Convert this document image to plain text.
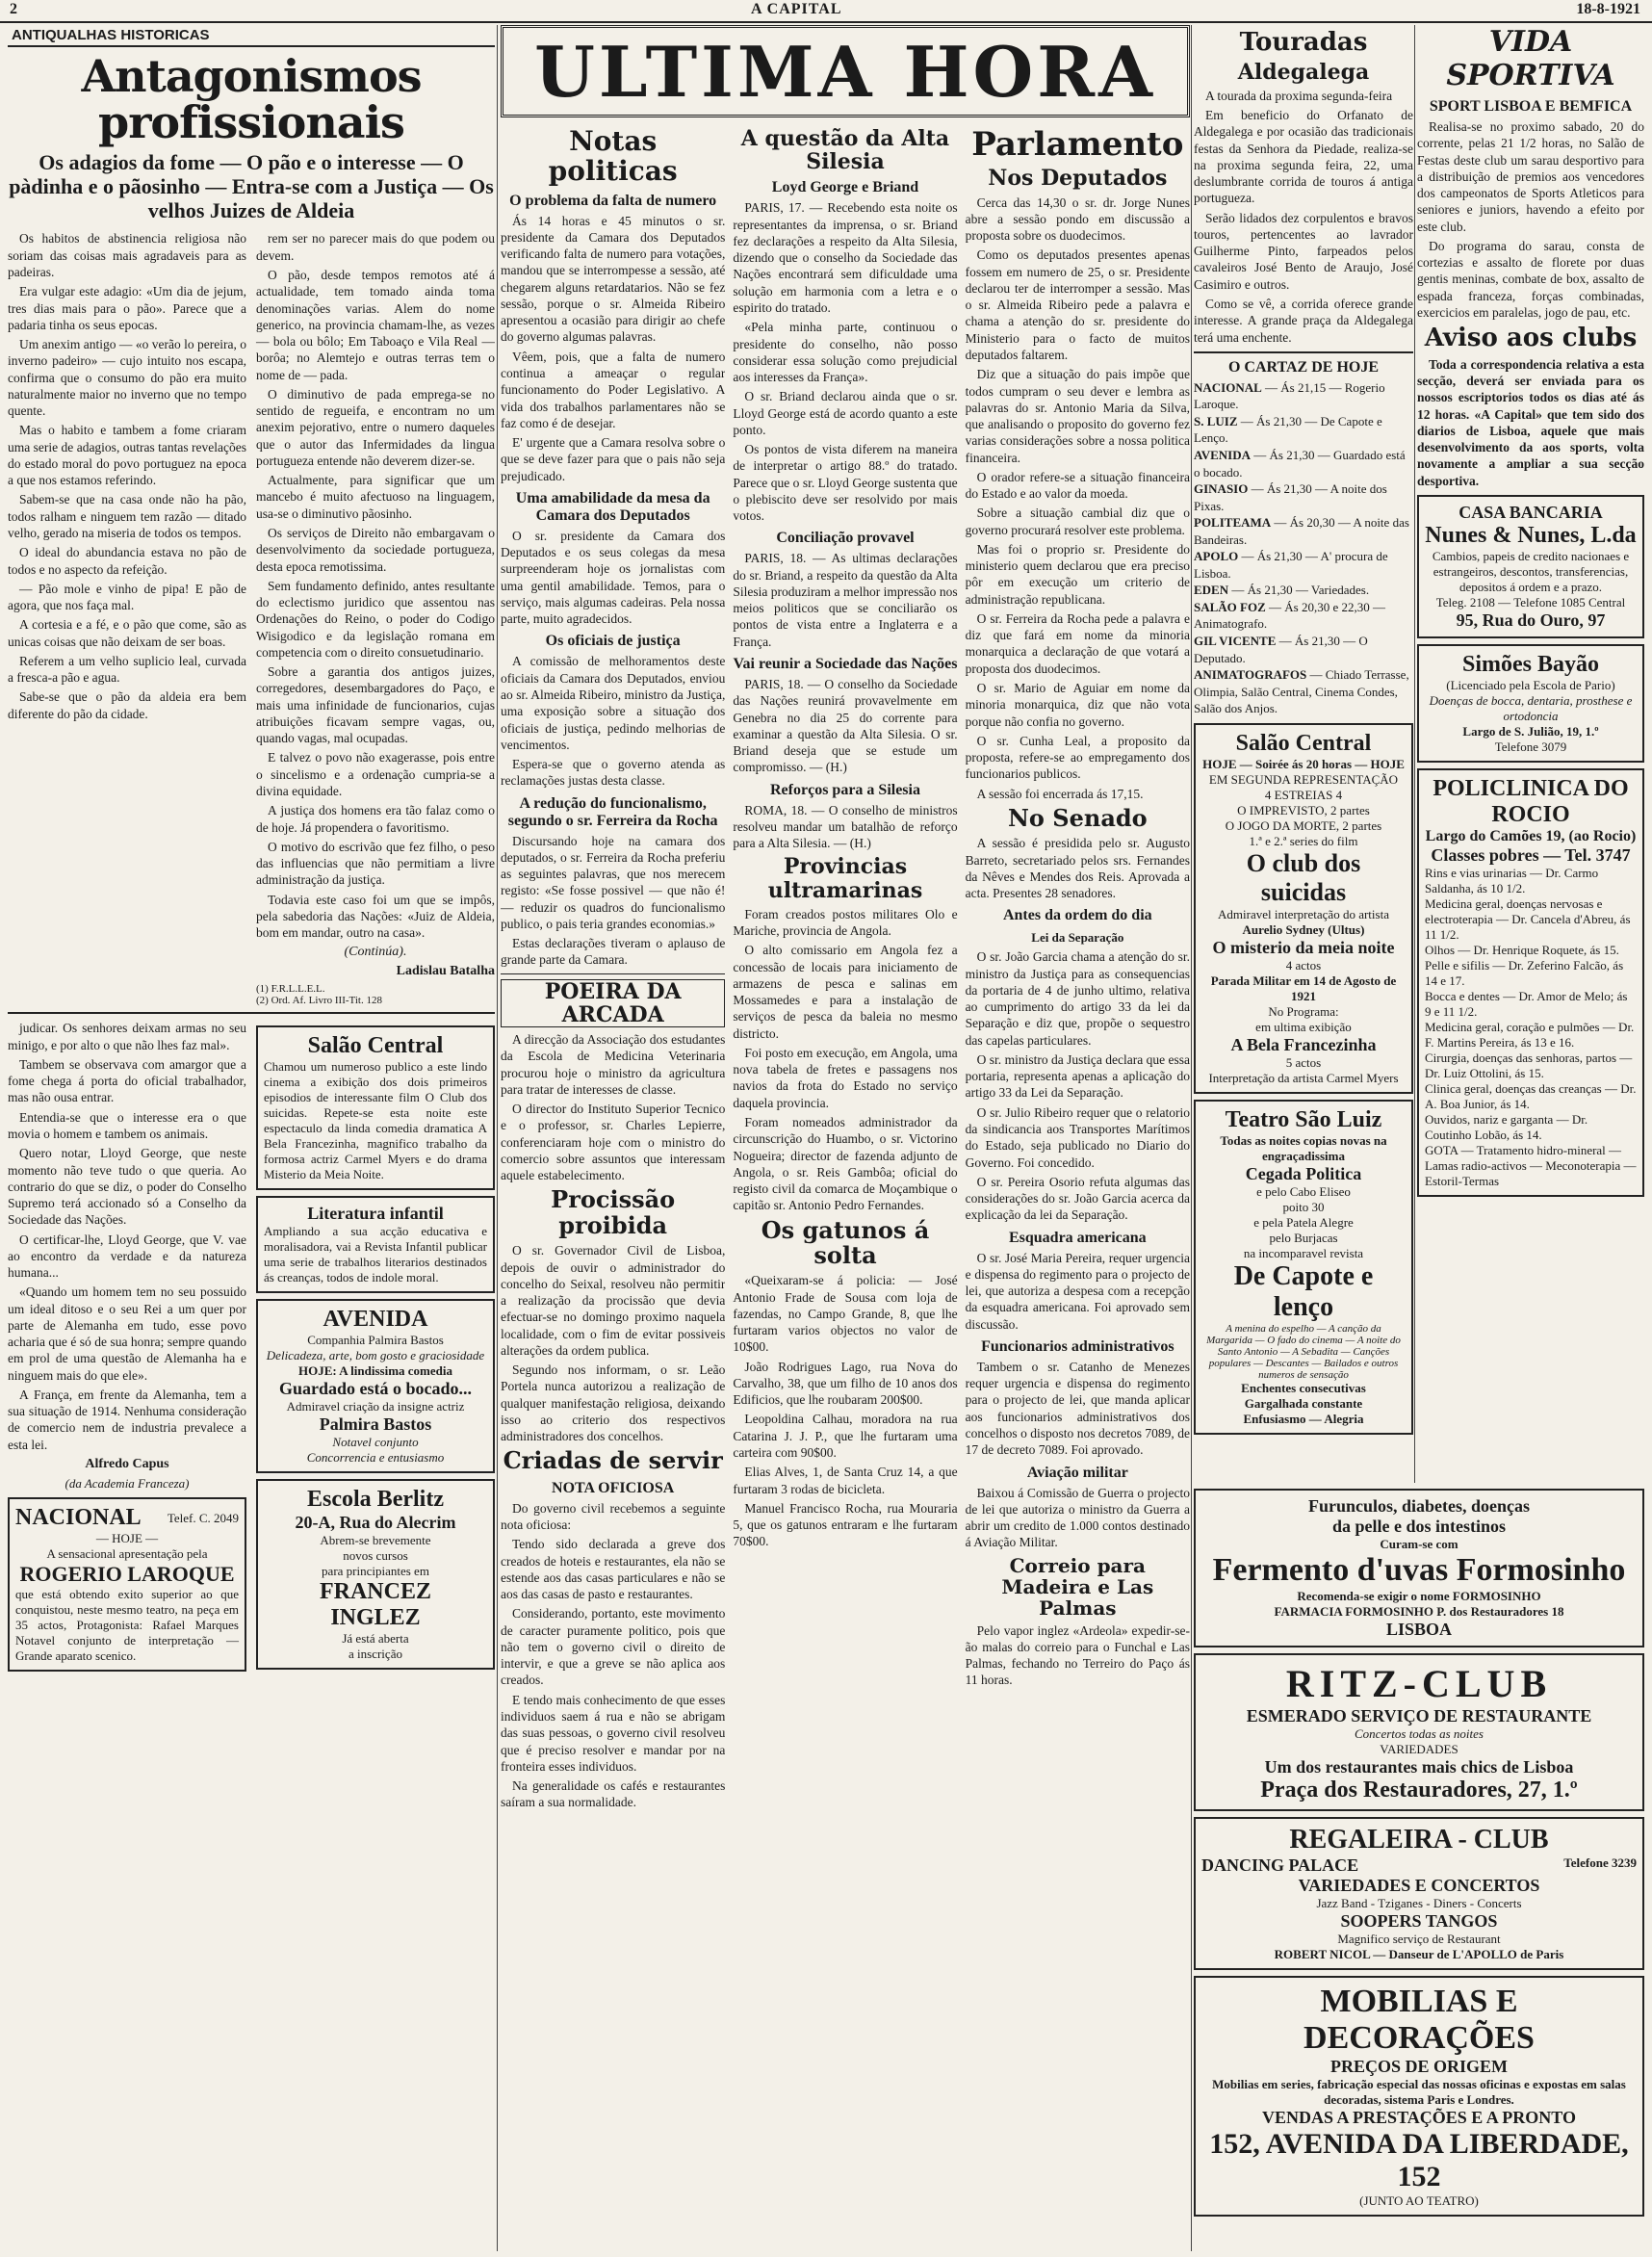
2	A CAPITAL	18-8-1921
ANTIQUALHAS HISTORICAS
Antagonismos profissionais
Os adagios da fome — O pão e o interesse — O pàdinha e o pãosinho — Entra-se com a Justiça — Os velhos Juizes de Aldeia

Os habitos de abstinencia religiosa não soriam das coisas mais agradaveis para as padeiras.

Era vulgar este adagio: «Um dia de jejum, tres dias mais para o pão». Parece que a padaria tinha os seus epocas.

Um anexim antigo — «o verão lo pereira, o inverno padeiro» — cujo intuito nos escapa, confirma que o consumo do pão era muito naturalmente maior no inverno que no tempo quente.

Mas o habito e tambem a fome criaram uma serie de adagios, outras tantas revelações do estado moral do povo portuguez na epoca a que nos estamos referindo.

Sabem-se que na casa onde não ha pão, todos ralham e ninguem tem razão — ditado velho, gerado na miseria de todos os tempos.

O ideal do abundancia estava no pão de todos e no aspecto da refeição.

— Pão mole e vinho de pipa! E pão de agora, que nos faça mal.

A cortesia e a fé, e o pão que come, são as unicas coisas que não deixam de ser boas.

Referem a um velho suplicio leal, curvada a fresca-a pão e agua.

Sabe-se que o pão da aldeia era bem diferente do pão da cidade.

rem ser no parecer mais do que podem ou devem.

O pão, desde tempos remotos até á actualidade, tem tomado ainda toma denominações varias. Alem do nome generico, na provincia chamam-lhe, as vezes — bola ou bôlo; Em Taboaço e Vila Real — borôa; no Alemtejo e outras terras tem o nome de — pada.

O diminutivo de pada emprega-se no sentido de regueifa, e encontram no um anexim pejorativo, entre o numero daqueles que o autor das Infermidades da lingua portugueza entende não deverem dizer-se.

Actualmente, para significar que um mancebo é muito afectuoso na linguagem, usa-se o diminutivo pãosinho.

Os serviços de Direito não embargavam o desenvolvimento da sociedade portugueza, desta epoca remotissima.

Sem fundamento definido, antes resultante do eclectismo juridico que assentou nas Ordenações do Reino, o poder do Codigo Wisigodico e da legislação romana em competencia com o direito consuetudinario.

Sobre a garantia dos antigos juizes, corregedores, desembargadores do Paço, e mais uma infinidade de funcionarios, cujas atribuições ficavam sempre vagas, ou, quando vagas, mal ocupadas.

E talvez o povo não exagerasse, pois entre o sincelismo e a ordenação cumpria-se a divina equidade.

A justiça dos homens era tão falaz como o de hoje. Já propendera o favoritismo.

O motivo do escrivão que fez filho, o peso das influencias que não permitiam a livre administração da justiça.

Todavia este caso foi um que se impôs, pela sabedoria das Nações: «Juiz de Aldeia, bom em mandar, outro na casa».

(Continúa).
Ladislau Batalha
(1) F.R.L.L.E.L.
(2) Ord. Af. Livro III-Tit. 128

judicar. Os senhores deixam armas no seu minigo, e por alto o que não lhes faz mal».

Tambem se observava com amargor que a fome chega á porta do oficial trabalhador, mas não ousa entrar.

Entendia-se que o interesse era o que movia o homem e tambem os animais.

Quero notar, Lloyd George, que neste momento não teve tudo o que queria. Ao contrario do que se diz, o poder do Conselho Supremo terá accionado só a Conselho da Sociedade das Nações.

O certificar-lhe, Lloyd George, que V. vae ao encontro da verdade e da natureza humana...

«Quando um homem tem no seu possuido um ideal ditoso e o seu Rei a um quer por parte de Alemanha em tudo, esse povo acharia que é só de sua honra; sempre quando em prol de uma questão de Alemanha ha e ninguem mais do que ele».

A França, em frente da Alemanha, tem a sua situação de 1914. Nenhuma consideração de comercio nem de industria prevalece a esta lei.

Alfredo Capus
(da Academia Franceza)
NACIONAL Telef. C. 2049
— HOJE —
A sensacional apresentação pela
ROGERIO LAROQUE
que está obtendo exito superior ao que conquistou, neste mesmo teatro, na peça em 35 actos, Protagonista: Rafael Marques Notavel conjunto de interpretação — Grande aparato scenico.
Salão Central
Chamou um numeroso publico a este lindo cinema a exibição dos dois primeiros episodios de interessante film O Club dos suicidas. Repete-se esta noite este espectaculo da linda comedia dramatica A Bela Francezinha, magnifico trabalho da formosa actriz Carmel Myers e do drama Misterio da Meia Noite.
Literatura infantil
Ampliando a sua acção educativa e moralisadora, vai a Revista Infantil publicar uma serie de trabalhos literarios destinados ás creanças, todos de indole moral.
AVENIDA
Companhia Palmira Bastos
Delicadeza, arte, bom gosto e graciosidade
HOJE: A lindissima comedia
Guardado está o bocado...
Admiravel criação da insigne actriz
Palmira Bastos
Notavel conjunto
Concorrencia e entusiasmo
Escola Berlitz
20-A, Rua do Alecrim
Abrem-se brevemente
novos cursos
para principiantes em
FRANCEZ
INGLEZ
Já está aberta
a inscrição
ULTIMA HORA
Notas politicas
O problema da falta de numero

Ás 14 horas e 45 minutos o sr. presidente da Camara dos Deputados verificando falta de numero para votações, mandou que se interrompesse a sessão, até chegarem alguns retardatarios. Não se fez sessão, porque o sr. Almeida Ribeiro apresentou a ocasião para dirigir ao chefe do governo algumas palavras.

Vêem, pois, que a falta de numero continua a ameaçar o regular funcionamento do Poder Legislativo. A vida dos trabalhos parlamentares não se faz como é de desejar.

E' urgente que a Camara resolva sobre o que se deve fazer para que o pais não seja prejudicado.

Uma amabilidade da mesa da Camara dos Deputados

O sr. presidente da Camara dos Deputados e os seus colegas da mesa surpreenderam hoje os jornalistas com uma gentil amabilidade. Temos, para o serviço, mais algumas cadeiras. Pela nossa parte, muito agradecidos.

Os oficiais de justiça

A comissão de melhoramentos deste oficiais da Camara dos Deputados, enviou ao sr. Almeida Ribeiro, ministro da Justiça, uma exposição sobre a situação dos oficiais de justiça, pedindo melhorias de vencimentos.

Espera-se que o governo atenda as reclamações justas desta classe.

A redução do funcionalismo, segundo o sr. Ferreira da Rocha

Discursando hoje na camara dos deputados, o sr. Ferreira da Rocha preferiu as seguintes palavras, que nos merecem registo: «Se fosse possivel — que não é! — reduzir os quadros do funcionalismo publico, o pais teria grandes economias.»

Estas declarações tiveram o aplauso de grande parte da Camara.

POEIRA DA ARCADA

A direcção da Associação dos estudantes da Escola de Medicina Veterinaria procurou hoje o ministro da agricultura para tratar de interesses de classe.

O director do Instituto Superior Tecnico e o professor, sr. Charles Lepierre, conferenciaram hoje com o ministro do comercio sobre assuntos que interessam aquele estabelecimento.

Procissão proibida

O sr. Governador Civil de Lisboa, depois de ouvir o administrador do concelho do Seixal, resolveu não permitir a realização da procissão que devia efectuar-se no domingo proximo naquela localidade, com o fim de evitar possiveis alterações da ordem publica.

Segundo nos informam, o sr. Leão Portela nunca autorizou a realização de qualquer manifestação religiosa, deixando isso ao criterio dos respectivos administradores dos concelhos.

Criadas de servir
NOTA OFICIOSA

Do governo civil recebemos a seguinte nota oficiosa:

Tendo sido declarada a greve dos creados de hoteis e restaurantes, ela não se estende aos das casas particulares e não se aos das casas de pasto e restaurantes.

Considerando, portanto, este movimento de caracter puramente politico, pois que não tem o governo civil o direito de intervir, e que a greve se não aplica aos creados.

E tendo mais conhecimento de que esses individuos saem á rua e não se abrigam das suas pessoas, o governo civil resolveu que é preciso resolver e mandar por na fronteira esses individuos.

Na generalidade os cafés e restaurantes saíram a sua normalidade.

A questão da Alta Silesia
Loyd George e Briand

PARIS, 17. — Recebendo esta noite os representantes da imprensa, o sr. Briand fez declarações a respeito da Alta Silesia, dizendo que o conselho da Sociedade das Nações encontrará sem dificuldade uma solução em harmonia com a letra e o espirito do tratado.

«Pela minha parte, continuou o presidente do conselho, não posso considerar essa solução como prejudicial aos interesses da França».

O sr. Briand declarou ainda que o sr. Lloyd George está de acordo quanto a este ponto.

Os pontos de vista diferem na maneira de interpretar o artigo 88.º do tratado. Parece que o sr. Lloyd George sustenta que o plebiscito deve ser resolvido por mais votos.

Conciliação provavel

PARIS, 18. — As ultimas declarações do sr. Briand, a respeito da questão da Alta Silesia produziram a melhor impressão nos meios politicos que se conciliarão os pontos de vista entre a Inglaterra e a França.

Vai reunir a Sociedade das Nações

PARIS, 18. — O conselho da Sociedade das Nações reunirá provavelmente em Genebra no dia 25 do corrente para examinar a questão da Alta Silesia. O sr. Briand deseja que se estude um compromisso. — (H.)

Reforços para a Silesia

ROMA, 18. — O conselho de ministros resolveu mandar um batalhão de reforço para a Alta Silesia. — (H.)

Provincias ultramarinas

Foram creados postos militares Olo e Mariche, provincia de Angola.

O alto comissario em Angola fez a concessão de locais para iniciamento de armazens de pesca e salinas em Mossamedes e para a instalação de serviços de pesca da baleia no mesmo districto.

Foi posto em execução, em Angola, uma nova tabela de fretes e passagens nos navios da frota do Estado no serviço daquela provincia.

Foram nomeados administrador da circunscrição do Huambo, o sr. Victorino Nogueira; director de fazenda adjunto de Angola, o sr. Reis Gambôa; oficial do registo civil da comarca de Moçambique o capitão sr. Antonio Pedro Fernandes.

Os gatunos á solta

«Queixaram-se á policia: — José Antonio Frade de Sousa com loja de fazendas, no Campo Grande, 8, que lhe furtaram varios objectos no valor de 10$00.

João Rodrigues Lago, rua Nova do Carvalho, 38, que um filho de 10 anos dos Edificios, que lhe roubaram 200$00.

Leopoldina Calhau, moradora na rua Catarina J. J. P., que lhe furtaram uma carteira com 90$00.

Elias Alves, 1, de Santa Cruz 14, a que furtaram 3 rodas de bicicleta.

Manuel Francisco Rocha, rua Mouraria 5, que os gatunos entraram e lhe furtaram 70$00.

Parlamento
Nos Deputados

Cerca das 14,30 o sr. dr. Jorge Nunes abre a sessão pondo em discussão a proposta sobre os duodecimos.

Como os deputados presentes apenas fossem em numero de 25, o sr. Presidente declarou ter de interromper a sessão. Mas o sr. Almeida Ribeiro pede a palavra e chama a atenção do sr. presidente do Ministerio para o facto de muitos deputados faltarem.

Diz que a situação do pais impõe que todos cumpram o seu dever e lembra as palavras do sr. Antonio Maria da Silva, que analisando o proposito do governo fez varias considerações sobre a nossa politica financeira.

O orador refere-se a situação financeira do Estado e ao valor da moeda.

Sobre a situação cambial diz que o governo procurará resolver este problema.

Mas foi o proprio sr. Presidente do ministerio quem declarou que era preciso pôr em execução um criterio de administração republicana.

O sr. Ferreira da Rocha pede a palavra e diz que fará em nome da minoria monarquica a declaração de que votará a proposta dos duodecimos.

O sr. Mario de Aguiar em nome da minoria monarquica, diz que não vota porque não confia no governo.

O sr. Cunha Leal, a proposito da proposta, refere-se ao empregamento dos funcionarios publicos.

A sessão foi encerrada ás 17,15.

No Senado

A sessão é presidida pelo sr. Augusto Barreto, secretariado pelos srs. Fernandes da Nêves e Mendes dos Reis. Aprovada a acta. Presentes 28 senadores.

Antes da ordem do dia
Lei da Separação

O sr. João Garcia chama a atenção do sr. ministro da Justiça para as consequencias da portaria de 4 de junho ultimo, relativa ao cumprimento do artigo 33 da lei da Separação e diz que, propõe o sequestro das capelas particulares.

O sr. ministro da Justiça declara que essa portaria, representa apenas a aplicação do artigo 33 da Lei da Separação.

O sr. Julio Ribeiro requer que o relatorio da sindicancia aos Transportes Marítimos do Estado, seja publicado no Diario do Governo. Foi concedido.

O sr. Pereira Osorio refuta algumas das considerações do sr. João Garcia acerca da explicação da lei da Separação.

Esquadra americana

O sr. José Maria Pereira, requer urgencia e dispensa do regimento para o projecto de lei, que autoriza a despesa com a recepção da esquadra americana. Foi aprovado sem discussão.

Funcionarios administrativos

Tambem o sr. Catanho de Menezes requer urgencia e dispensa do regimento para o projecto de lei, que manda aplicar aos funcionarios administrativos dos concelhos o disposto nos decretos 7089, de 17 de decreto 7089. Foi aprovado.

Aviação militar

Baixou á Comissão de Guerra o projecto de lei que autoriza o ministro da Guerra a abrir um credito de 1.000 contos destinado á Aviação Militar.

Correio para Madeira e Las Palmas

Pelo vapor inglez «Ardeola» expedir-se-ão malas do correio para o Funchal e Las Palmas, fechando no Terreiro do Paço ás 11 horas.

Touradas
Aldegalega

A tourada da proxima segunda-feira

Em beneficio do Orfanato de Aldegalega e por ocasião das tradicionais festas da Senhora da Piedade, realiza-se na proxima segunda feira, 22, uma deslumbrante corrida de touros á antiga portugueza.

Serão lidados dez corpulentos e bravos touros, pertencentes ao lavrador Guilherme Pinto, farpeados pelos cavaleiros José Bento de Araujo, José Casimiro e outros.

Como se vê, a corrida oferece grande interesse. A grande praça da Aldegalega terá uma enchente.

O CARTAZ DE HOJE
NACIONAL — Ás 21,15 — Rogerio Laroque.
S. LUIZ — Ás 21,30 — De Capote e Lenço.
AVENIDA — Ás 21,30 — Guardado está o bocado.
GINASIO — Ás 21,30 — A noite dos Pixas.
POLITEAMA — Ás 20,30 — A noite das Bandeiras.
APOLO — Ás 21,30 — A' procura de Lisboa.
EDEN — Ás 21,30 — Variedades.
SALÃO FOZ — Ás 20,30 e 22,30 — Animatografo.
GIL VICENTE — Ás 21,30 — O Deputado.
ANIMATOGRAFOS — Chiado Terrasse, Olimpia, Salão Central, Cinema Condes, Salão dos Anjos.
Salão Central
HOJE — Soirée ás 20 horas — HOJE
EM SEGUNDA REPRESENTAÇÃO
4 ESTREIAS 4
O IMPREVISTO, 2 partes
O JOGO DA MORTE, 2 partes
1.ª e 2.ª series do film
O club dos suicidas
Admiravel interpretação do artista
Aurelio Sydney (Ultus)
O misterio da meia noite
4 actos
Parada Militar em 14 de Agosto de 1921
No Programa:
em ultima exibição
A Bela Francezinha
5 actos
Interpretação da artista Carmel Myers
Teatro São Luiz
Todas as noites copias novas na engraçadissima
Cegada Politica
e pelo Cabo Eliseo
poito 30
e pela Patela Alegre
pelo Burjacas
na incomparavel revista
De Capote e lenço
A menina do espelho — A canção da Margarida — O fado do cinema — A noite do Santo Antonio — A Sebadita — Canções populares — Descantes — Bailados e outros numeros de sensação
Enchentes consecutivas
Gargalhada constante
Enfusiasmo — Alegria
Furunculos, diabetes, doenças
da pelle e dos intestinos
Curam-se com
Fermento d'uvas Formosinho
Recomenda-se exigir o nome FORMOSINHO
FARMACIA FORMOSINHO P. dos Restauradores 18
LISBOA
RITZ-CLUB
ESMERADO SERVIÇO DE RESTAURANTE
Concertos todas as noites
VARIEDADES
Um dos restaurantes mais chics de Lisboa
Praça dos Restauradores, 27, 1.º
REGALEIRA - CLUB
DANCING PALACE	Telefone 3239
VARIEDADES E CONCERTOS
Jazz Band - Tziganes - Diners - Concerts
SOOPERS TANGOS
Magnifico serviço de Restaurant
ROBERT NICOL — Danseur de L'APOLLO de Paris
MOBILIAS E DECORAÇÕES
PREÇOS DE ORIGEM
Mobilias em series, fabricação especial das nossas oficinas e expostas em salas decoradas, sistema Paris e Londres.
VENDAS A PRESTAÇÕES E A PRONTO
152, AVENIDA DA LIBERDADE, 152
(JUNTO AO TEATRO)
VIDA SPORTIVA
SPORT LISBOA E BEMFICA

Realisa-se no proximo sabado, 20 do corrente, pelas 21 1/2 horas, no Salão de Festas deste club um sarau desportivo para a distribuição de premios aos vencedores dos campeonatos de Sports Atleticos para seniores e juniors, havendo a efeito por este club.

Do programa do sarau, consta de cortezias e assalto de florete por duas gentis meninas, combate de box, assalto de espada franceza, forças combinadas, exercicios em paralelas, jogo de pau, etc.

Aviso aos clubs

Toda a correspondencia relativa a esta secção, deverá ser enviada para os nossos escriptorios todos os dias até ás 12 horas. «A Capital» que tem sido dos diarios de Lisboa, aquele que mais desenvolvimento da aos sports, volta novamente a ampliar a sua secção desportiva.

CASA BANCARIA
Nunes & Nunes, L.da
Cambios, papeis de credito nacionaes e estrangeiros, descontos, transferencias, depositos á ordem e a prazo.
Teleg. 2108 — Telefone 1085 Central
95, Rua do Ouro, 97
Simões Bayão
(Licenciado pela Escola de Pario)
Doenças de bocca, dentaria, prosthese e ortodoncia
Largo de S. Julião, 19, 1.º
Telefone 3079
POLICLINICA DO ROCIO
Largo do Camões 19, (ao Rocio)
Classes pobres — Tel. 3747
Rins e vias urinarias — Dr. Carmo Saldanha, ás 10 1/2.
Medicina geral, doenças nervosas e electroterapia — Dr. Cancela d'Abreu, ás 11 1/2.
Olhos — Dr. Henrique Roquete, ás 15.
Pelle e sifilis — Dr. Zeferino Falcão, ás 14 e 17.
Bocca e dentes — Dr. Amor de Melo; ás 9 e 11 1/2.
Medicina geral, coração e pulmões — Dr. F. Martins Pereira, ás 13 e 16.
Cirurgia, doenças das senhoras, partos — Dr. Luiz Ottolini, ás 15.
Clinica geral, doenças das creanças — Dr. A. Boa Junior, ás 14.
Ouvidos, nariz e garganta — Dr. Coutinho Lobão, ás 14.
GOTA — Tratamento hidro-mineral — Lamas radio-activos — Meconoterapia — Estoril-Termas
